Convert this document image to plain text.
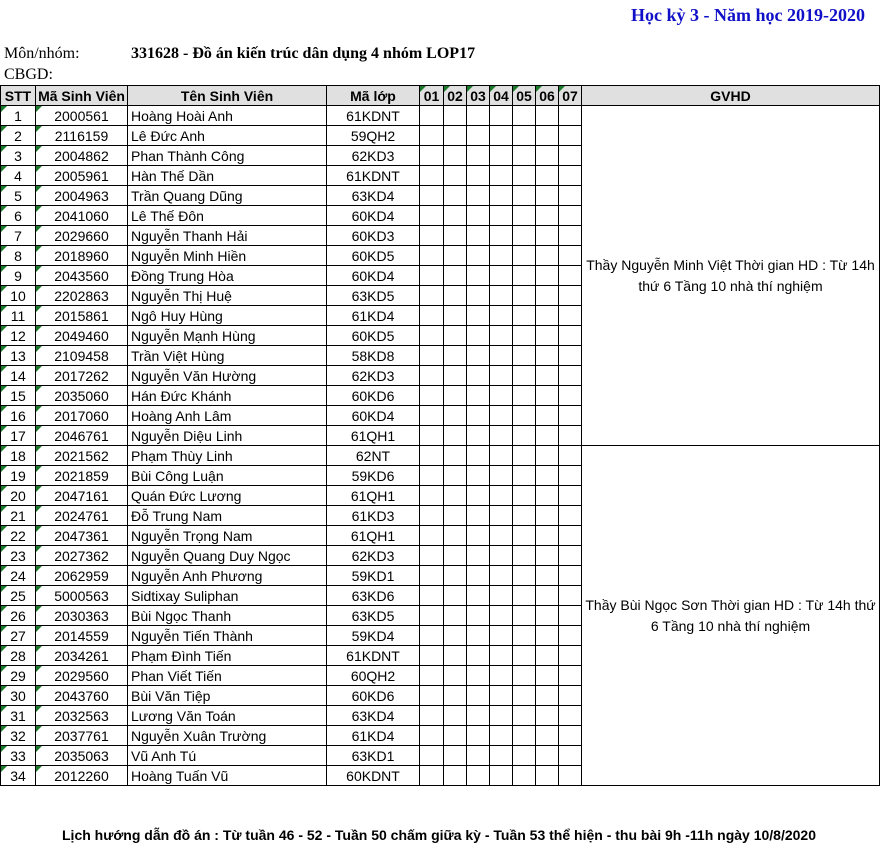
Học kỳ 3 - Năm học 2019-2020
Môn/nhóm:	331628 - Đồ án kiến trúc dân dụng 4 nhóm LOP17
CBGD:
STT	Mã Sinh Viên	Tên Sinh Viên	Mã lớp	01	02	03	04	05	06	07	GVHD
1	2000561	Hoàng Hoài Anh	61KDNT								Thầy Nguyễn Minh Việt Thời gian HD : Từ 14h thứ 6 Tầng 10 nhà thí nghiệm
2	2116159	Lê Đức Anh	59QH2								
3	2004862	Phan Thành Công	62KD3								
4	2005961	Hàn Thế Dần	61KDNT								
5	2004963	Trần Quang Dũng	63KD4								
6	2041060	Lê Thế Đôn	60KD4								
7	2029660	Nguyễn Thanh Hải	60KD3								
8	2018960	Nguyễn Minh Hiền	60KD5								
9	2043560	Đồng Trung Hòa	60KD4								
10	2202863	Nguyễn Thị Huệ	63KD5								
11	2015861	Ngô Huy Hùng	61KD4								
12	2049460	Nguyễn Mạnh Hùng	60KD5								
13	2109458	Trần Việt Hùng	58KD8								
14	2017262	Nguyễn Văn Hường	62KD3								
15	2035060	Hán Đức Khánh	60KD6								
16	2017060	Hoàng Anh Lâm	60KD4								
17	2046761	Nguyễn Diệu Linh	61QH1								
18	2021562	Phạm Thùy Linh	62NT								Thầy Bùi Ngọc Sơn Thời gian HD : Từ 14h thứ 6 Tầng 10 nhà thí nghiệm
19	2021859	Bùi Công Luận	59KD6								
20	2047161	Quán Đức Lương	61QH1								
21	2024761	Đỗ Trung Nam	61KD3								
22	2047361	Nguyễn Trọng Nam	61QH1								
23	2027362	Nguyễn Quang Duy Ngọc	62KD3								
24	2062959	Nguyễn Anh Phương	59KD1								
25	5000563	Sidtixay Suliphan	63KD6								
26	2030363	Bùi Ngọc Thanh	63KD5								
27	2014559	Nguyễn Tiến Thành	59KD4								
28	2034261	Phạm Đình Tiến	61KDNT								
29	2029560	Phan Viết Tiến	60QH2								
30	2043760	Bùi Văn Tiệp	60KD6								
31	2032563	Lương Văn Toán	63KD4								
32	2037761	Nguyễn Xuân Trường	61KD4								
33	2035063	Vũ Anh Tú	63KD1								
34	2012260	Hoàng Tuấn Vũ	60KDNT								
Lịch hướng dẫn đồ án : Từ tuần 46 - 52 - Tuần 50 chấm giữa kỳ - Tuần 53 thể hiện - thu bài 9h -11h ngày 10/8/2020
